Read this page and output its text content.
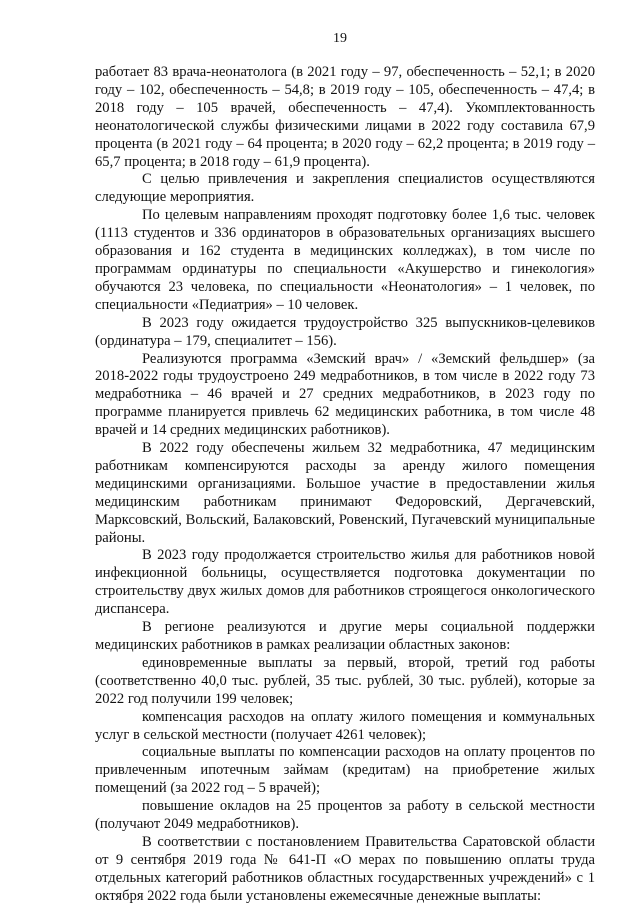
19

работает 83 врача-неонатолога (в 2021 году – 97, обеспеченность – 52,1; в 2020 году – 102, обеспеченность – 54,8; в 2019 году – 105, обеспеченность – 47,4; в 2018 году – 105 врачей, обеспеченность – 47,4). Укомплектованность неонатологической службы физическими лицами в 2022 году составила 67,9 процента (в 2021 году – 64 процента; в 2020 году – 62,2 процента; в 2019 году – 65,7 процента; в 2018 году – 61,9 процента).

С целью привлечения и закрепления специалистов осуществляются следующие мероприятия.

По целевым направлениям проходят подготовку более 1,6 тыс. человек (1113 студентов и 336 ординаторов в образовательных организациях высшего образования и 162 студента в медицинских колледжах), в том числе по программам ординатуры по специальности «Акушерство и гинекология» обучаются 23 человека, по специальности «Неонатология» – 1 человек, по специальности «Педиатрия» – 10 человек.

В 2023 году ожидается трудоустройство 325 выпускников-целевиков (ординатура – 179, специалитет – 156).

Реализуются программа «Земский врач» / «Земский фельдшер» (за 2018-2022 годы трудоустроено 249 медработников, в том числе в 2022 году 73 медработника – 46 врачей и 27 средних медработников, в 2023 году по программе планируется привлечь 62 медицинских работника, в том числе 48 врачей и 14 средних медицинских работников).

В 2022 году обеспечены жильем 32 медработника, 47 медицинским работникам компенсируются расходы за аренду жилого помещения медицинскими организациями. Большое участие в предоставлении жилья медицинским работникам принимают Федоровский, Дергачевский, Марксовский, Вольский, Балаковский, Ровенский, Пугачевский муниципальные районы.

В 2023 году продолжается строительство жилья для работников новой инфекционной больницы, осуществляется подготовка документации по строительству двух жилых домов для работников строящегося онкологического диспансера.

В регионе реализуются и другие меры социальной поддержки медицинских работников в рамках реализации областных законов:

единовременные выплаты за первый, второй, третий год работы (соответственно 40,0 тыс. рублей, 35 тыс. рублей, 30 тыс. рублей), которые за 2022 год получили 199 человек;

компенсация расходов на оплату жилого помещения и коммунальных услуг в сельской местности (получает 4261 человек);

социальные выплаты по компенсации расходов на оплату процентов по привлеченным ипотечным займам (кредитам) на приобретение жилых помещений (за 2022 год – 5 врачей);

повышение окладов на 25 процентов за работу в сельской местности (получают 2049 медработников).

В соответствии с постановлением Правительства Саратовской области от 9 сентября 2019 года № 641-П «О мерах по повышению оплаты труда отдельных категорий работников областных государственных учреждений» с 1 октября 2022 года были установлены ежемесячные денежные выплаты:
